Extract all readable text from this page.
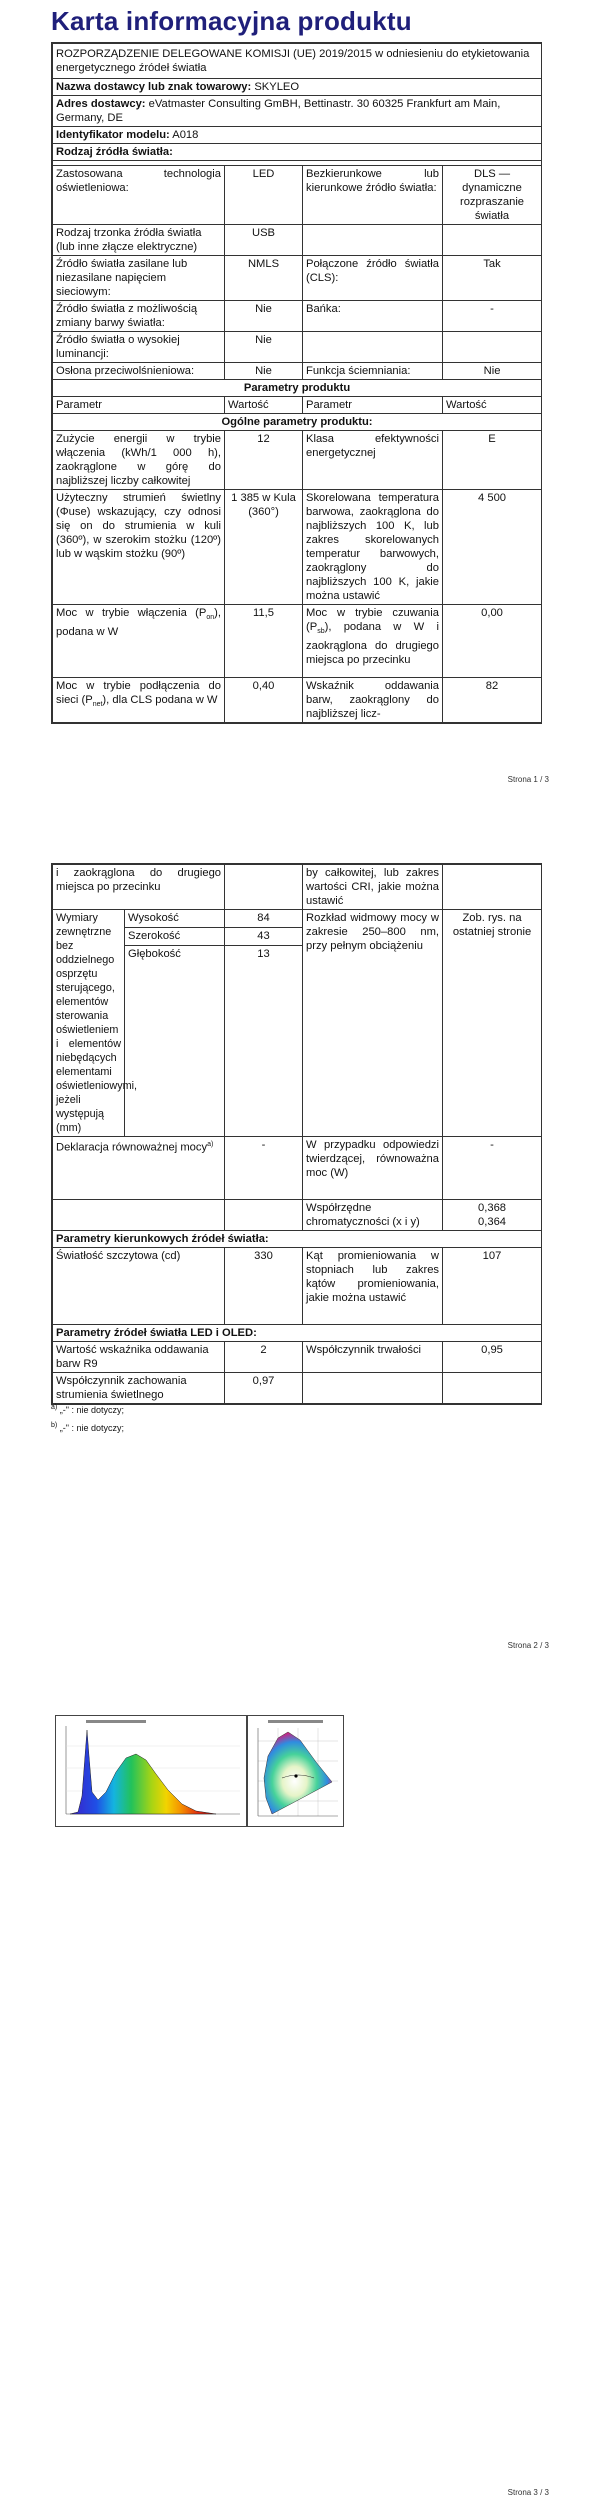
Karta informacyjna produktu
ROZPORZĄDZENIE DELEGOWANE KOMISJI (UE) 2019/2015 w odniesieniu do etykietowania energetycznego źródeł światła			
Nazwa dostawcy lub znak towarowy: SKYLEO			
Adres dostawcy: eVatmaster Consulting GmBH, Bettinastr. 30 60325 Frankfurt am Main, Germany, DE			
Identyfikator modelu: A018			
Rodzaj źródła światła:			

Zastosowana technologia oświetleniowa:	LED	Bezkierunkowe lub kierunkowe źródło światła:	DLS — dynamiczne rozpraszanie światła
Rodzaj trzonka źródła światła (lub inne złącze elektryczne)	USB		
Źródło światła zasilane lub niezasilane napięciem sieciowym:	NMLS	Połączone źródło światła (CLS):	Tak
Źródło światła z możliwością zmiany barwy światła:	Nie	Bańka:	-
Źródło światła o wysokiej luminancji:	Nie		
Osłona przeciwolśnieniowa:	Nie	Funkcja ściemniania:	Nie
Parametry produktu			
Parametr	Wartość	Parametr	Wartość
Ogólne parametry produktu:			
Zużycie energii w trybie włączenia (kWh/1 000 h), zaokrąglone w górę do najbliższej liczby całkowitej	12	Klasa efektywności energetycznej	E
Użyteczny strumień świetlny (Φuse) wskazujący, czy odnosi się on do strumienia w kuli (360º), w szerokim stożku (120º) lub w wąskim stożku (90º)	1 385 w Kula (360°)	Skorelowana temperatura barwowa, zaokrąglona do najbliższych 100 K, lub zakres skorelowanych temperatur barwowych, zaokrąglony do najbliższych 100 K, jakie można ustawić	4 500
Moc w trybie włączenia $(P_{on})$, podana w W	11,5	Moc w trybie czuwania $(P_{sb})$, podana w W i zaokrąglona do drugiego miejsca po przecinku	0,00
Moc w trybie podłączenia do sieci $(P_{net})$, dla CLS podana w W	0,40	Wskaźnik oddawania barw, zaokrąglony do najbliższej licz-	82
Strona 1 / 3
i zaokrąglona do drugiego miejsca po przecinku			by całkowitej, lub zakres wartości CRI, jakie można ustawić	
Wymiary zewnętrzne bez oddzielnego osprzętu sterującego, elementów sterowania oświetleniem i elementów niebędących elementami oświetleniowymi, jeżeli występują (mm)	Wysokość	84	Rozkład widmowy mocy w zakresie 250–800 nm, przy pełnym obciążeniu	Zob. rys. na ostatniej stronie
	Szerokość	43		
	Głębokość	13		
Deklaracja równoważnej mocy$^{a)}$		-	W przypadku odpowiedzi twierdzącej, równoważna moc (W)	-
			Współrzędne chromatyczności (x i y)	0,368
0,364

Parametry kierunkowych źródeł światła:				
Światłość szczytowa (cd)		330	Kąt promieniowania w stopniach lub zakres kątów promieniowania, jakie można ustawić	107
Parametry źródeł światła LED i OLED:				
Wartość wskaźnika oddawania barw R9		2	Współczynnik trwałości	0,95
Współczynnik zachowania strumienia świetlnego		0,97		
$^{a)}$ „-" : nie dotyczy;
$^{b)}$ „-" : nie dotyczy;
Strona 2 / 3
Strona 3 / 3
